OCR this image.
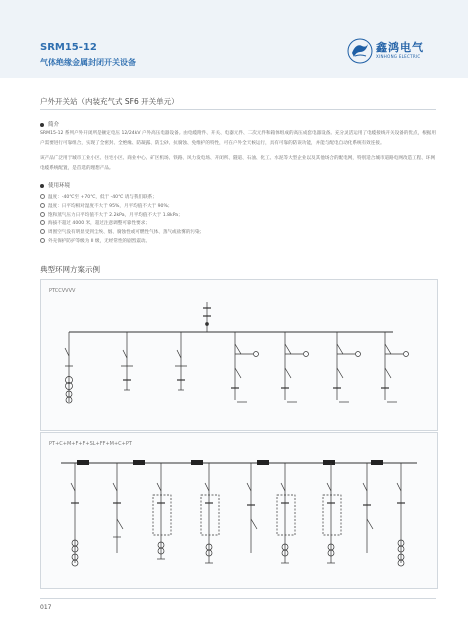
SRM15-12
气体绝缘金属封闭开关设备
鑫鸿电气
XINHONG ELECTRIC
户外开关站（内装充气式 SF6 开关单元）
简介
SRM15-12 系列户外开闭所是额定电压 12/24kV 户外高压电器设备。由电缆附件、开关、电器元件、二次元件和箱体组成的高压成套电器设备。充分灵活运用了电缆接线开关设备的优点，根据用户需要进行可靠组合，实现了全密封、全绝缘、防凝露、防尘砂、抗腐蚀、免维护的特性，可在户外全天候运行，具有可靠的防误功能，并能与配电自动化系统有效连接。
该产品广泛用于城市工业小区、住宅小区、商业中心、矿区机场、铁路、风力发电场、开闭所、隧道、石油、化工、水泥等大型企业以及其他场合的配电网，特别适合城市道路电网改造工程、环网电缆系统配置，是首选的理想产品。
使用环境
温度：-40℃至 +70℃，低于 -40℃ 请与我们联系；
湿度：日平均相对湿度不大于 95%，月平均值不大于 90%；
饱和蒸气压力日平均值不大于 2.2kPa，月平均值不大于 1.8kPa；
海拔不超过 4000 米，超过注意调整可靠性要求；
周围空气没有明显受到尘埃、烟、腐蚀性或可燃性气体、蒸气或盐雾的污染；
外壳保护防护等级为 II 级，无经常性的剧烈震动。
典型环网方案示例
PTCCVVVV
PT+C+M+F+F+SL+FF+M+C+PT
017
